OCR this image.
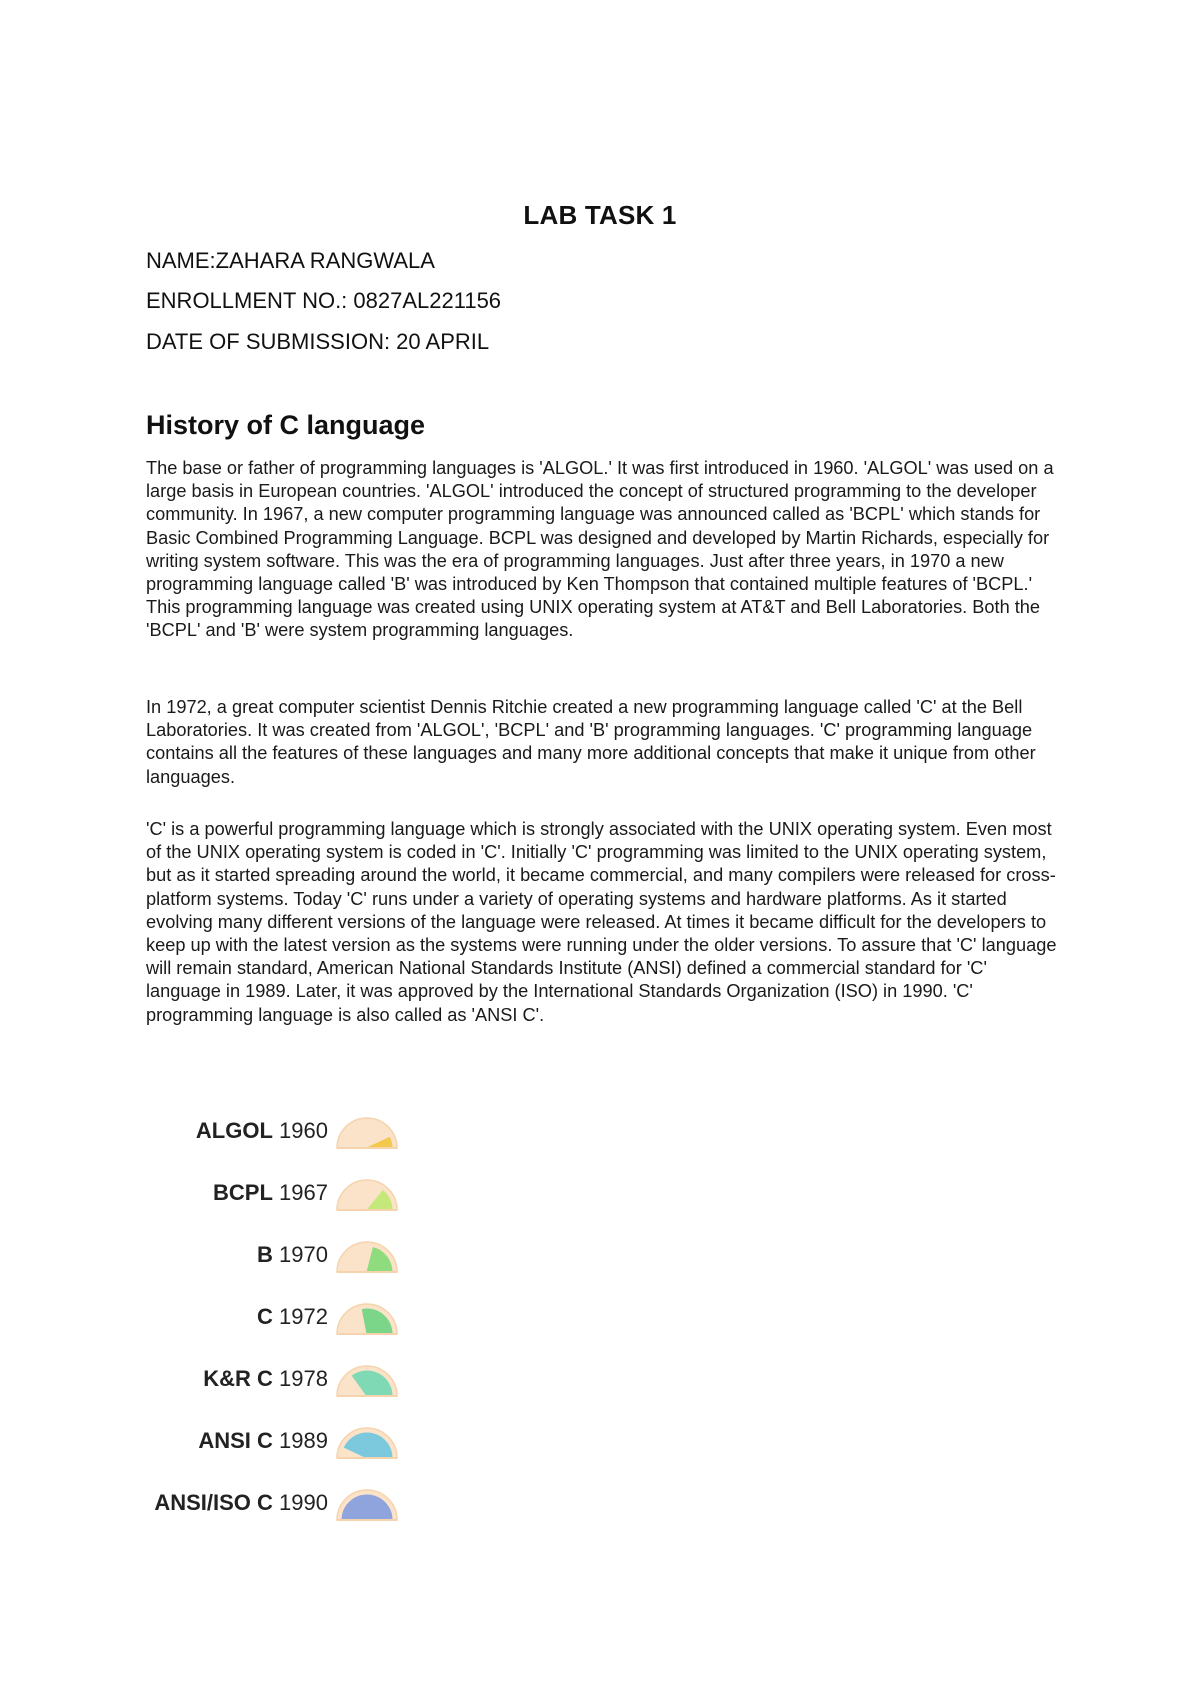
LAB TASK 1
NAME:ZAHARA RANGWALA
ENROLLMENT NO.: 0827AL221156
DATE OF SUBMISSION: 20 APRIL
History of C language

The base or father of programming languages is 'ALGOL.' It was first introduced in 1960. 'ALGOL' was used on a large basis in European countries. 'ALGOL' introduced the concept of structured programming to the developer community. In 1967, a new computer programming language was announced called as 'BCPL' which stands for Basic Combined Programming Language. BCPL was designed and developed by Martin Richards, especially for writing system software. This was the era of programming languages. Just after three years, in 1970 a new programming language called 'B' was introduced by Ken Thompson that contained multiple features of 'BCPL.' This programming language was created using UNIX operating system at AT&T and Bell Laboratories. Both the 'BCPL' and 'B' were system programming languages.

In 1972, a great computer scientist Dennis Ritchie created a new programming language called 'C' at the Bell Laboratories. It was created from 'ALGOL', 'BCPL' and 'B' programming languages. 'C' programming language contains all the features of these languages and many more additional concepts that make it unique from other languages.

'C' is a powerful programming language which is strongly associated with the UNIX operating system. Even most of the UNIX operating system is coded in 'C'. Initially 'C' programming was limited to the UNIX operating system, but as it started spreading around the world, it became commercial, and many compilers were released for cross-platform systems. Today 'C' runs under a variety of operating systems and hardware platforms. As it started evolving many different versions of the language were released. At times it became difficult for the developers to keep up with the latest version as the systems were running under the older versions. To assure that 'C' language will remain standard, American National Standards Institute (ANSI) defined a commercial standard for 'C' language in 1989. Later, it was approved by the International Standards Organization (ISO) in 1990. 'C' programming language is also called as 'ANSI C'.

ALGOL 1960
BCPL 1967
B 1970
C 1972
K&R C 1978
ANSI C 1989
ANSI/ISO C 1990
